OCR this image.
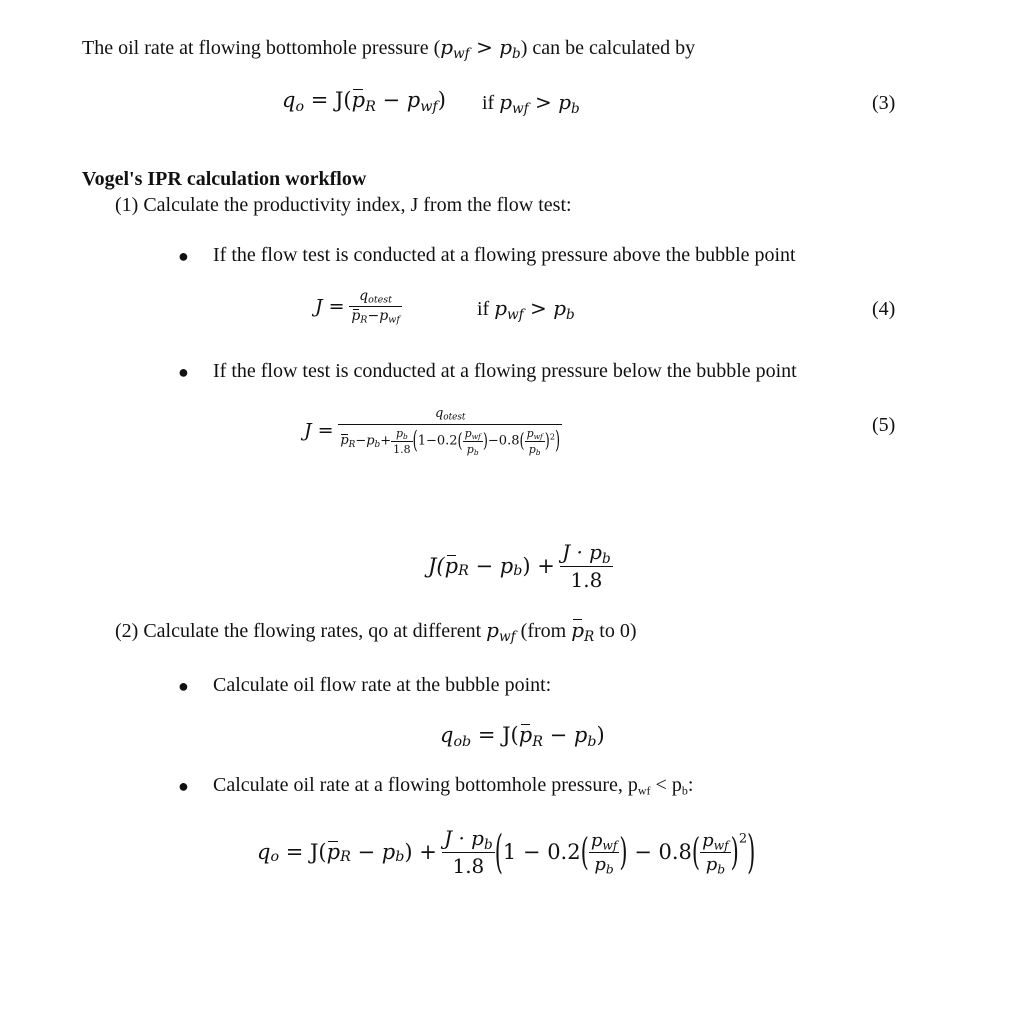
The oil rate at flowing bottomhole pressure $(p_{wf} > p_b)$ can be calculated by
$q_o = J(p_R - p_{wf})$ if $p_{wf} > p_b$	(3)
Vogel's IPR calculation workflow
(1) Calculate the productivity index, J from the flow test:
● If the flow test is conducted at a flowing pressure above the bubble point
$J = \frac{q_{otest}}{p_R-p_{wf}}$	if $p_{wf} > p_b$	(4)
● If the flow test is conducted at a flowing pressure below the bubble point
$J = \frac{q_{otest}}{p_R-p_b+ \frac{p_b}{1.8} (1-0.2( \frac{p_{wf}}{p_b} )-0.8( \frac{p_{wf}}{p_b} )^2)}$	(5)
$J(p_R - p_b) + \frac{J \cdot p_b}{1.8}$
(2) Calculate the flowing rates, qo at different $p_{wf}$ (from $p_R$ to 0)
● Calculate oil flow rate at the bubble point:
$q_{ob} = J(p_R - p_b)$
● Calculate oil rate at a flowing bottomhole pressure, $p_{wf} < p_b$:
$q_o = J(p_R - p_b) + \frac{J \cdot p_b}{1.8} (1 - 0.2( \frac{p_{wf}}{p_b}$ ) − $0.8( \frac{p_{wf}}{p_b} )^2$)
